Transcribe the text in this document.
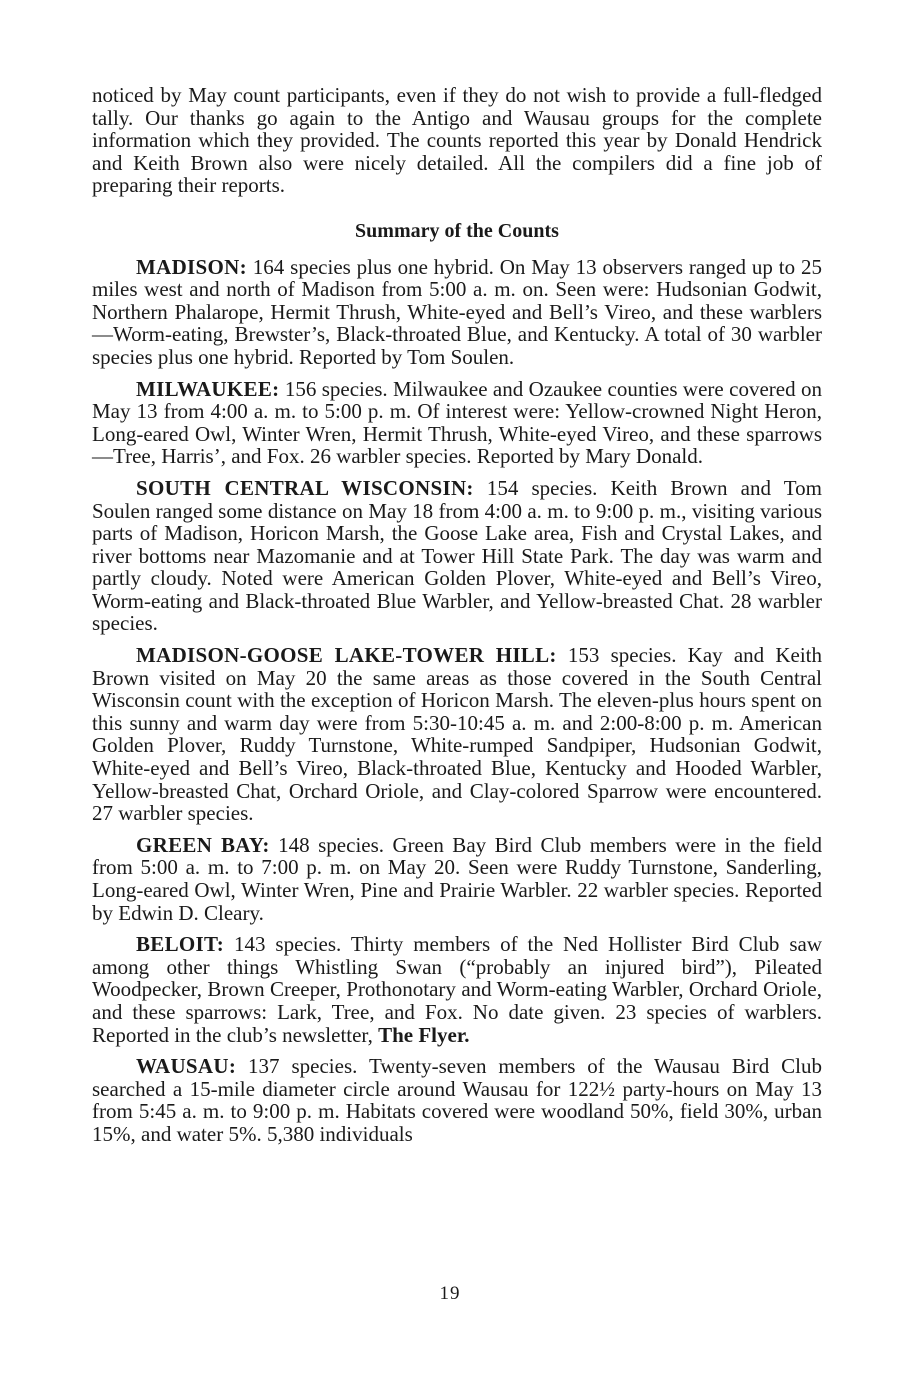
noticed by May count participants, even if they do not wish to provide a full-fledged tally. Our thanks go again to the Antigo and Wausau groups for the complete information which they provided. The counts reported this year by Donald Hendrick and Keith Brown also were nicely detailed. All the compilers did a fine job of preparing their reports.

Summary of the Counts

MADISON: 164 species plus one hybrid. On May 13 observers ranged up to 25 miles west and north of Madison from 5:00 a. m. on. Seen were: Hudsonian Godwit, Northern Phalarope, Hermit Thrush, White-eyed and Bell’s Vireo, and these warblers—Worm-eating, Brewster’s, Black-throated Blue, and Kentucky. A total of 30 warbler species plus one hybrid. Reported by Tom Soulen.

MILWAUKEE: 156 species. Milwaukee and Ozaukee counties were covered on May 13 from 4:00 a. m. to 5:00 p. m. Of interest were: Yellow-crowned Night Heron, Long-eared Owl, Winter Wren, Hermit Thrush, White-eyed Vireo, and these sparrows—Tree, Harris’, and Fox. 26 warbler species. Reported by Mary Donald.

SOUTH CENTRAL WISCONSIN: 154 species. Keith Brown and Tom Soulen ranged some distance on May 18 from 4:00 a. m. to 9:00 p. m., visiting various parts of Madison, Horicon Marsh, the Goose Lake area, Fish and Crystal Lakes, and river bottoms near Mazomanie and at Tower Hill State Park. The day was warm and partly cloudy. Noted were American Golden Plover, White-eyed and Bell’s Vireo, Worm-eating and Black-throated Blue Warbler, and Yellow-breasted Chat. 28 warbler species.

MADISON-GOOSE LAKE-TOWER HILL: 153 species. Kay and Keith Brown visited on May 20 the same areas as those covered in the South Central Wisconsin count with the exception of Horicon Marsh. The eleven-plus hours spent on this sunny and warm day were from 5:30-10:45 a. m. and 2:00-8:00 p. m. American Golden Plover, Ruddy Turnstone, White-rumped Sandpiper, Hudsonian Godwit, White-eyed and Bell’s Vireo, Black-throated Blue, Kentucky and Hooded Warbler, Yellow-breasted Chat, Orchard Oriole, and Clay-colored Sparrow were encountered. 27 warbler species.

GREEN BAY: 148 species. Green Bay Bird Club members were in the field from 5:00 a. m. to 7:00 p. m. on May 20. Seen were Ruddy Turnstone, Sanderling, Long-eared Owl, Winter Wren, Pine and Prairie Warbler. 22 warbler species. Reported by Edwin D. Cleary.

BELOIT: 143 species. Thirty members of the Ned Hollister Bird Club saw among other things Whistling Swan (“probably an injured bird”), Pileated Woodpecker, Brown Creeper, Prothonotary and Worm-eating Warbler, Orchard Oriole, and these sparrows: Lark, Tree, and Fox. No date given. 23 species of warblers. Reported in the club’s newsletter, The Flyer.

WAUSAU: 137 species. Twenty-seven members of the Wausau Bird Club searched a 15-mile diameter circle around Wausau for 122½ party-hours on May 13 from 5:45 a. m. to 9:00 p. m. Habitats covered were woodland 50%, field 30%, urban 15%, and water 5%. 5,380 individuals

19
